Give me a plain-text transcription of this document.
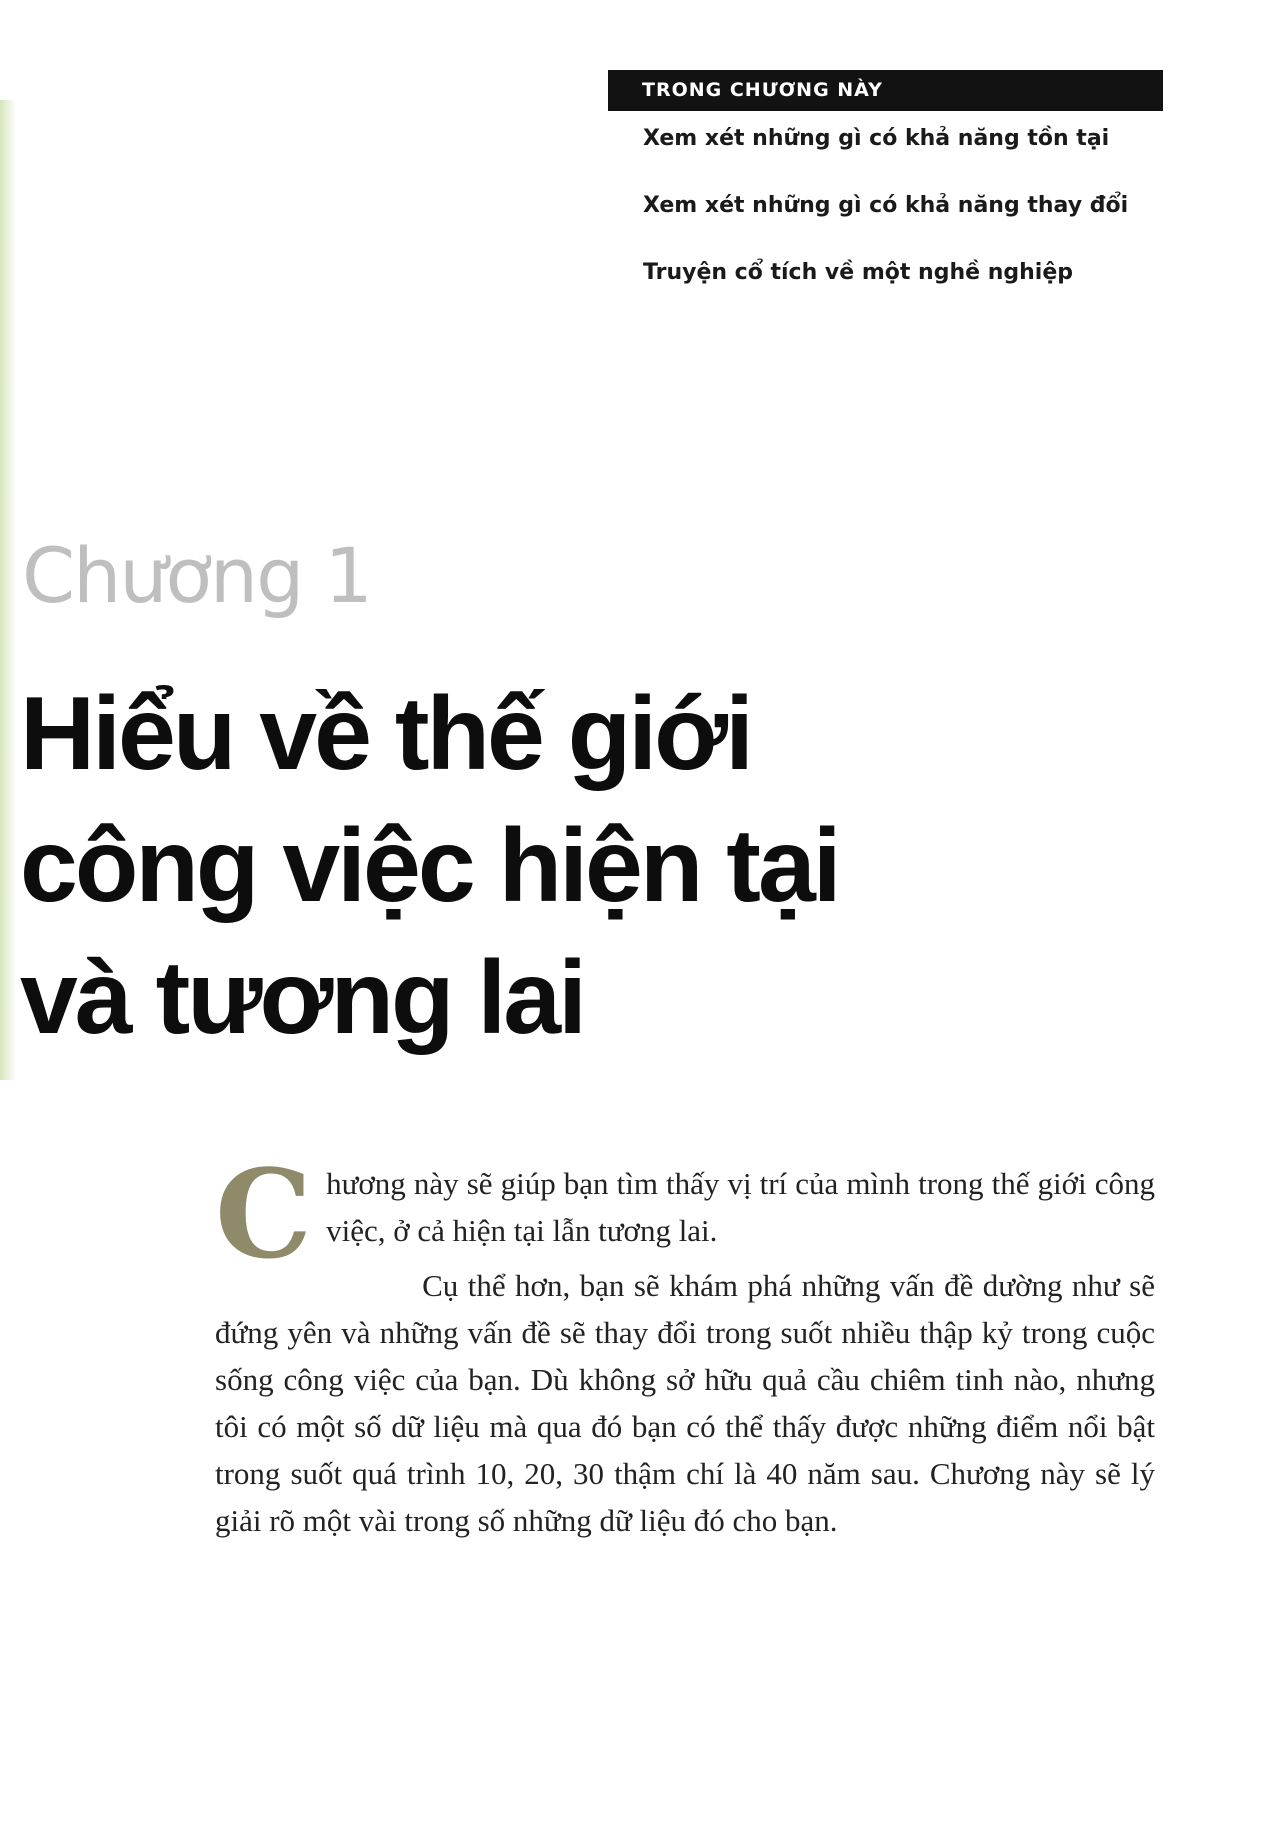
TRONG CHƯƠNG NÀY
Xem xét những gì có khả năng tồn tại
Xem xét những gì có khả năng thay đổi
Truyện cổ tích về một nghề nghiệp
Chương 1
Hiểu về thế giới
công việc hiện tại
và tương lai

Chương này sẽ giúp bạn tìm thấy vị trí của mình trong thế giới công việc, ở cả hiện tại lẫn tương lai.

Cụ thể hơn, bạn sẽ khám phá những vấn đề dường như sẽ đứng yên và những vấn đề sẽ thay đổi trong suốt nhiều thập kỷ trong cuộc sống công việc của bạn. Dù không sở hữu quả cầu chiêm tinh nào, nhưng tôi có một số dữ liệu mà qua đó bạn có thể thấy được những điểm nổi bật trong suốt quá trình 10, 20, 30 thậm chí là 40 năm sau. Chương này sẽ lý giải rõ một vài trong số những dữ liệu đó cho bạn.
